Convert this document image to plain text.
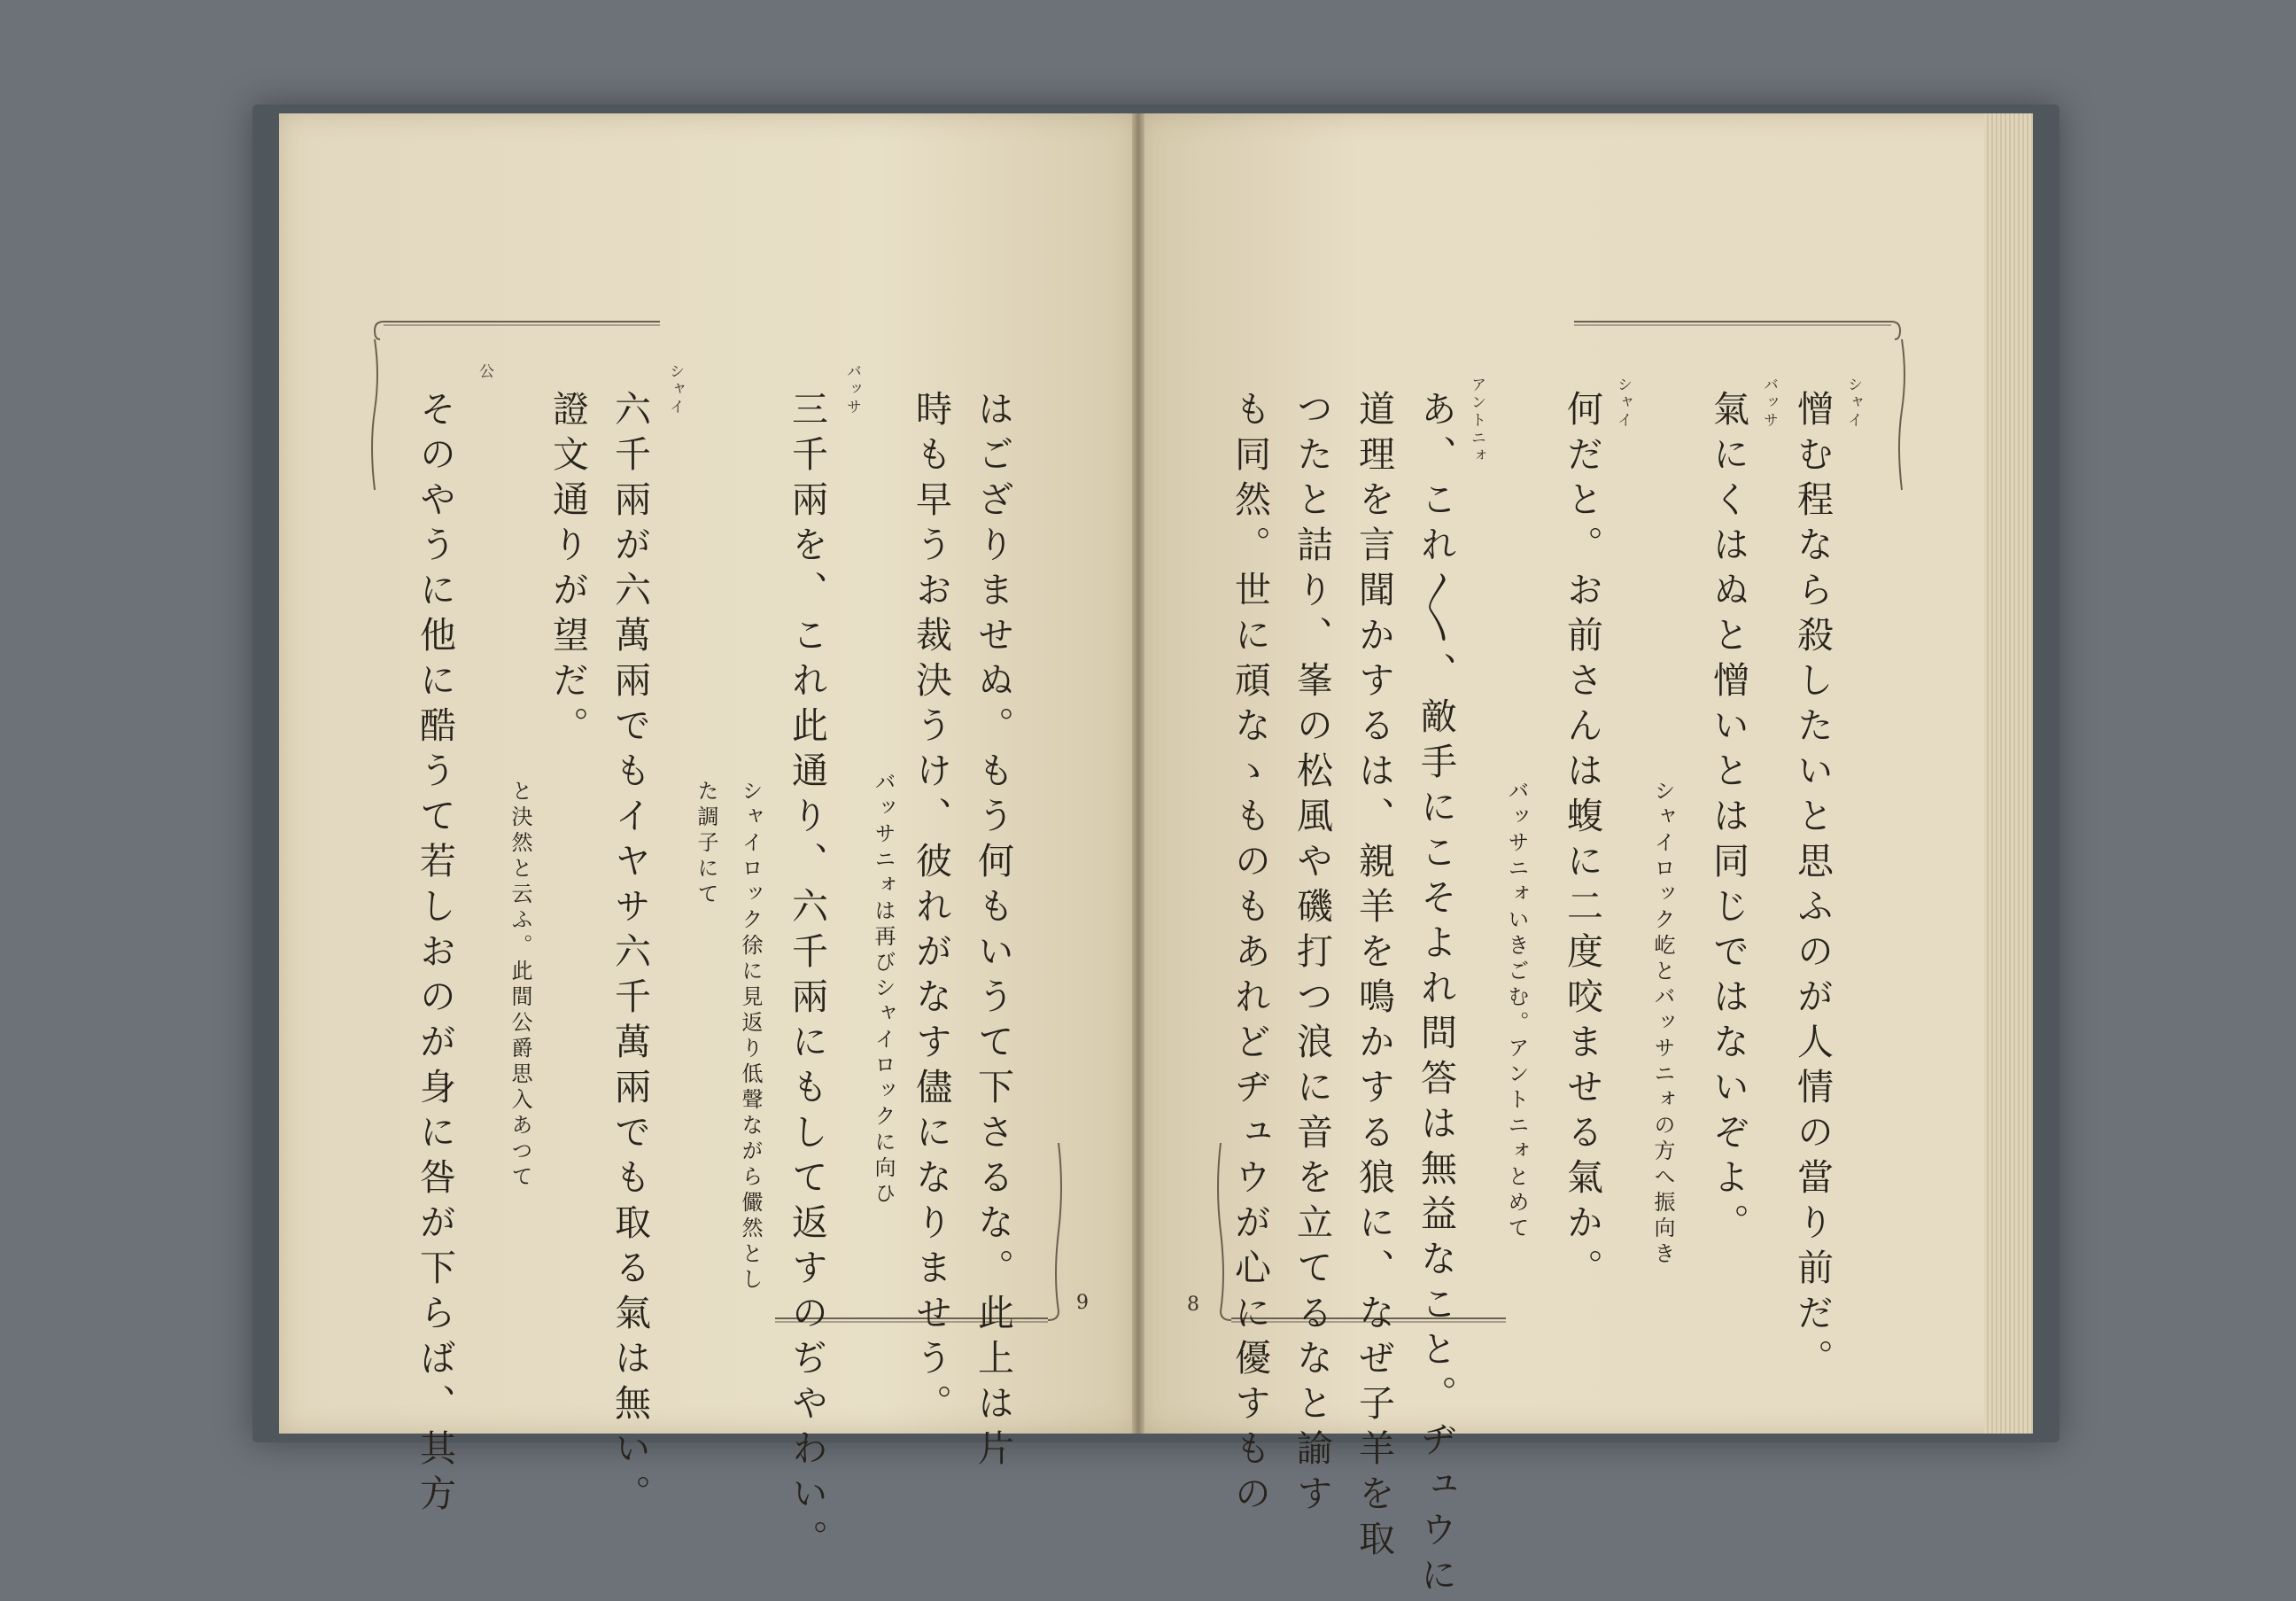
シャイ
憎む程なら殺したいと思ふのが人情の當り前だ。
バッサ
氣にくはぬと憎いとは同じではないぞよ。
シャイロック屹とバッサニォの方へ振向き
シャイ
何だと。お前さんは蝮に二度咬ませる氣か。
バッサニォいきごむ。アントニォとめて
アントニォ
あ、これ〳〵、敵手にこそよれ問答は無益なこと。ヂュウに
道理を言聞かするは、親羊を鳴かする狼に、なぜ子羊を取
つたと詰り、峯の松風や磯打つ浪に音を立てるなと諭す
も同然。世に頑なゝものもあれどヂュウが心に優すもの
はござりませぬ。もう何もいうて下さるな。此上は片
時も早うお裁決うけ、彼れがなす儘になりませう。
バッサニォは再びシャイロックに向ひ
バッサ
三千兩を、これ此通り、六千兩にもして返すのぢやわい。
シャイロック徐に見返り低聲ながら儼然とし
た調子にて
シャイ
六千兩が六萬兩でもイヤサ六千萬兩でも取る氣は無い。
證文通りが望だ。
と決然と云ふ。此間公爵思入あつて
公
そのやうに他に酷うて若しおのが身に咎が下らば、其方	8
9
